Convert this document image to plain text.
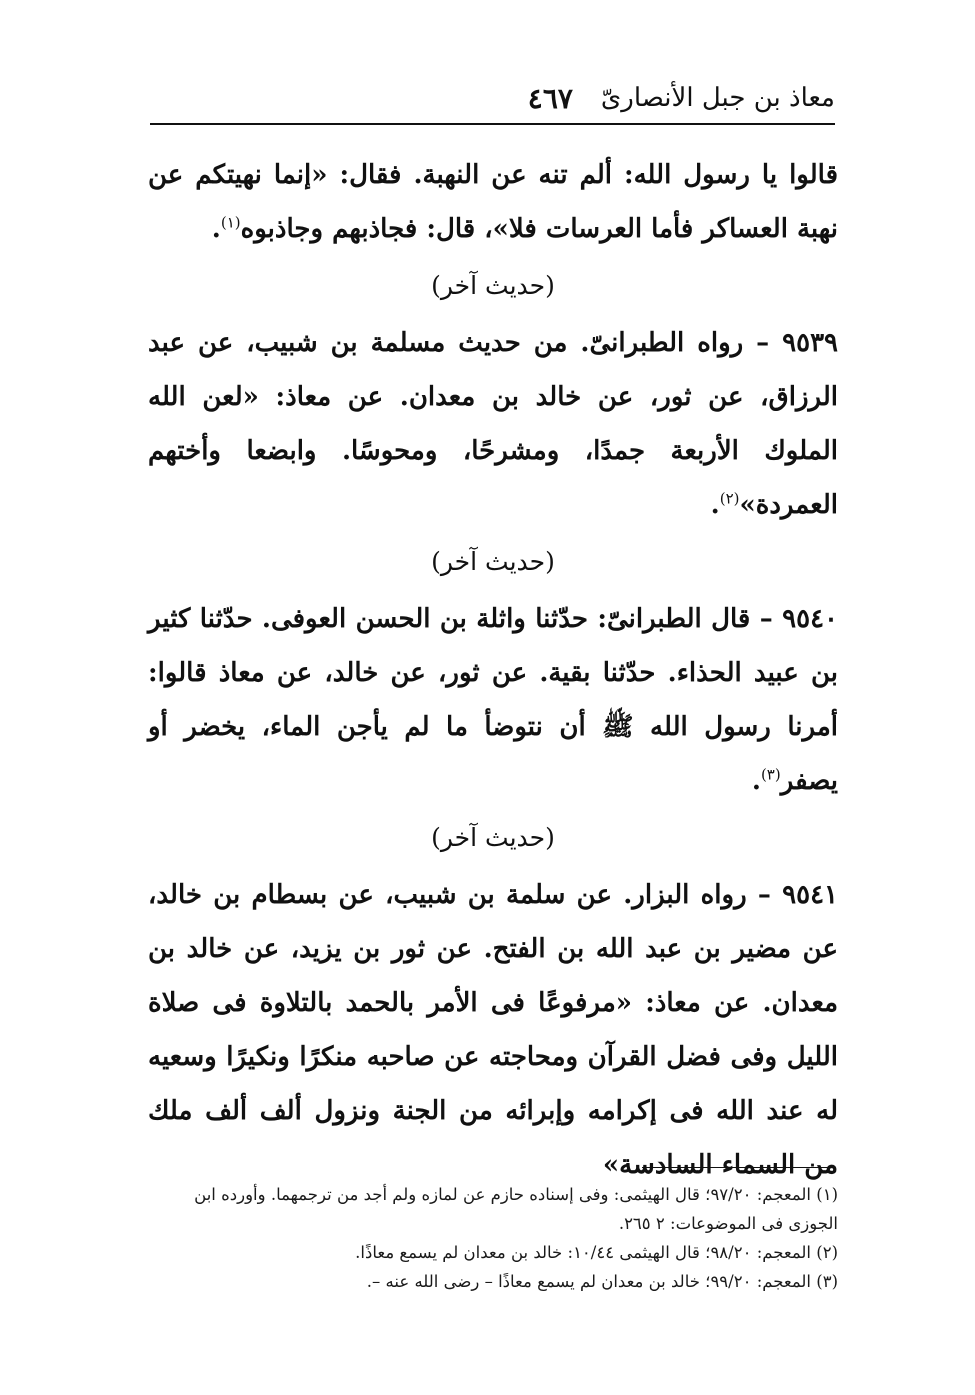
معاذ بن جبل الأنصارىّ
٤٦٧

قالوا يا رسول الله: ألم تنه عن النهبة. فقال: «إنما نهيتكم عن نهبة العساكر فأما العرسات فلا»، قال: فجاذبهم وجاذبوه$^{(١)}$.

(حديث آخر)

٩٥٣٩ – رواه الطبرانىّ. من حديث مسلمة بن شبيب، عن عبد الرزاق، عن ثور، عن خالد بن معدان. عن معاذ: «لعن الله الملوك الأربعة جمدًا، ومشرحًا، ومحوسًا. وابضعا وأختهم العمردة»$^{(٢)}$.

(حديث آخر)

٩٥٤٠ – قال الطبرانىّ: حدّثنا واثلة بن الحسن العوفى. حدّثنا كثير بن عبيد الحذاء. حدّثنا بقية. عن ثور، عن خالد، عن معاذ قالوا: أمرنا رسول الله ﷺ أن نتوضأ ما لم يأجن الماء، يخضر أو يصفر$^{(٣)}$.

(حديث آخر)

٩٥٤١ – رواه البزار. عن سلمة بن شبيب، عن بسطام بن خالد، عن مضير بن عبد الله بن الفتح. عن ثور بن يزيد، عن خالد بن معدان. عن معاذ: «مرفوعًا فى الأمر بالحمد بالتلاوة فى صلاة الليل وفى فضل القرآن ومحاجته عن صاحبه منكرًا ونكيرًا وسعيه له عند الله فى إكرامه وإبرائه من الجنة ونزول ألف ألف ملك من السماء السادسة»

(١) المعجم: ٩٧/٢٠؛ قال الهيثمى: وفى إسناده حازم عن لمازه ولم أجد من ترجمهما. وأورده ابن الجوزى فى الموضوعات: ٢ ٢٦٥.

(٢) المعجم: ٩٨/٢٠؛ قال الهيثمى ١٠/٤٤: خالد بن معدان لم يسمع معاذًا.

(٣) المعجم: ٩٩/٢٠؛ خالد بن معدان لم يسمع معاذًا – رضى الله عنه –.
